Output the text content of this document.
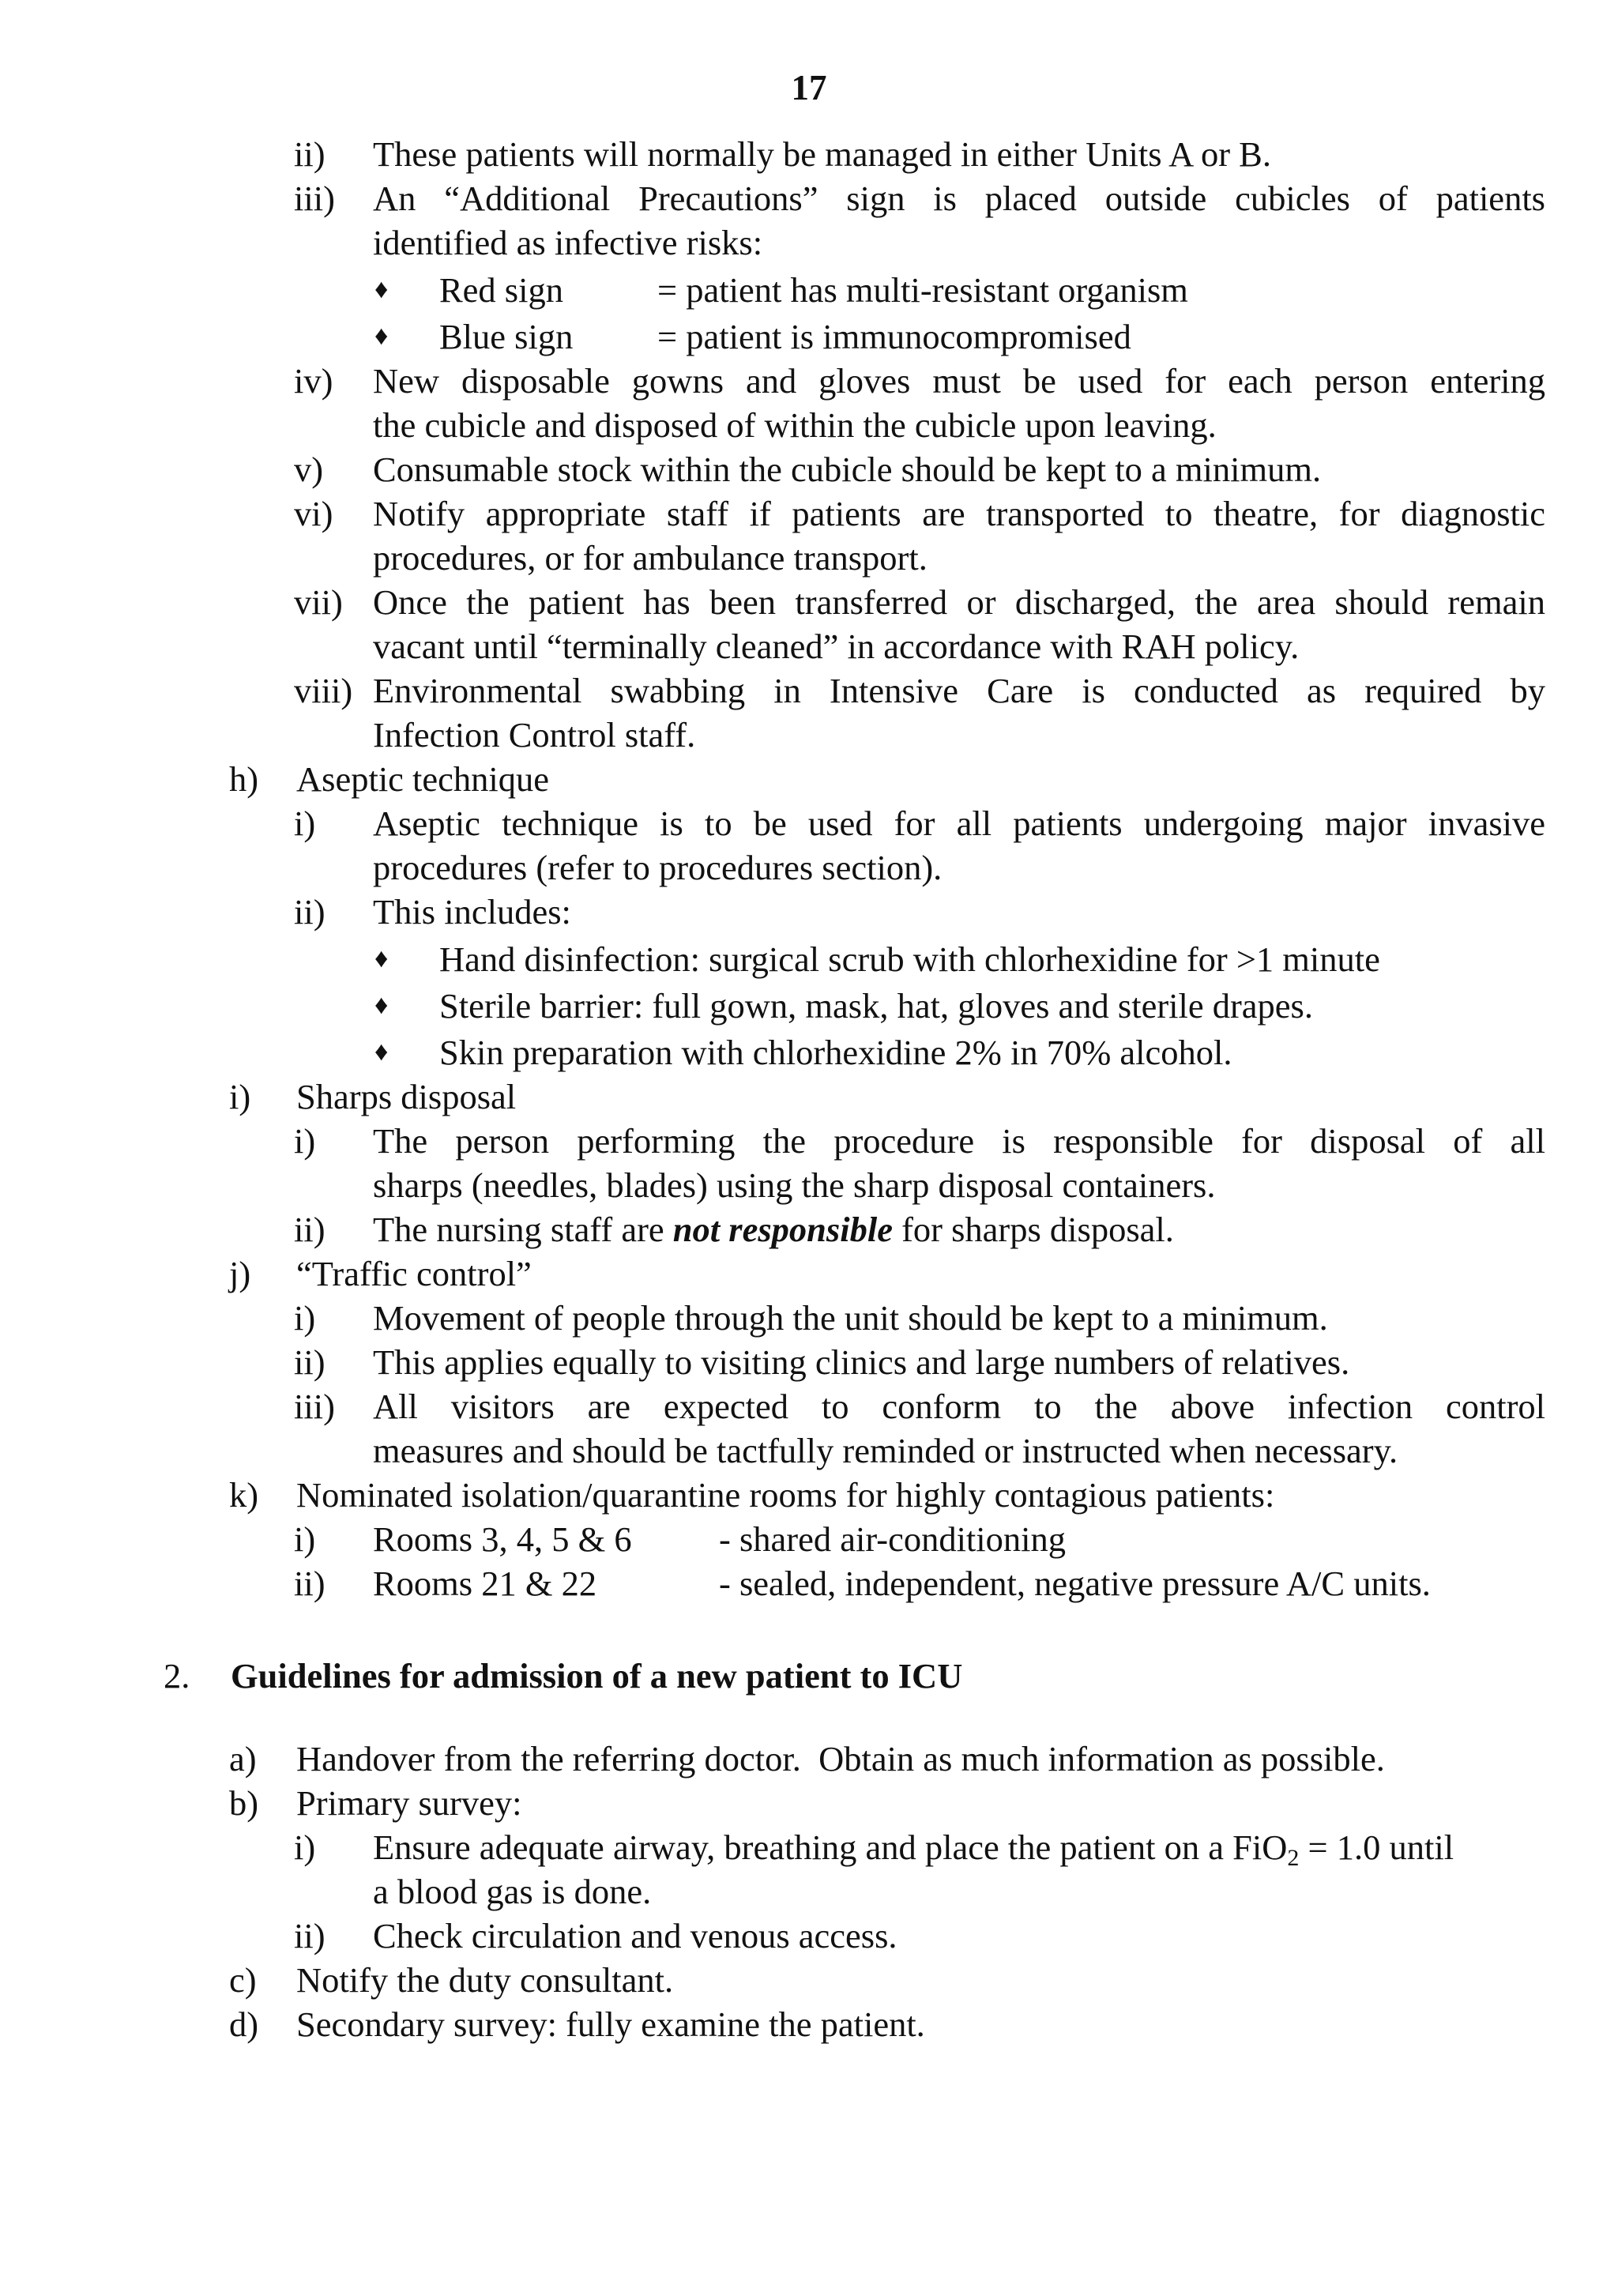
17
ii) These patients will normally be managed in either Units A or B.
iii) An “Additional Precautions” sign is placed outside cubicles of patients
identified as infective risks:
♦ Red sign	= patient has multi-resistant organism
♦ Blue sign = patient is immunocompromised
iv) New disposable gowns and gloves must be used for each person entering
the cubicle and disposed of within the cubicle upon leaving.
v) Consumable stock within the cubicle should be kept to a minimum.
vi) Notify appropriate staff if patients are transported to theatre, for diagnostic
procedures, or for ambulance transport.
vii) Once the patient has been transferred or discharged, the area should remain
vacant until “terminally cleaned” in accordance with RAH policy.
viii) Environmental swabbing in Intensive Care is conducted as required by
Infection Control staff.
h) Aseptic technique
i) Aseptic technique is to be used for all patients undergoing major invasive
procedures (refer to procedures section).
ii) This includes:
♦ Hand disinfection: surgical scrub with chlorhexidine for >1 minute
♦ Sterile barrier: full gown, mask, hat, gloves and sterile drapes.
♦ Skin preparation with chlorhexidine 2% in 70% alcohol.
i) Sharps disposal
i) The person performing the procedure is responsible for disposal of all
sharps (needles, blades) using the sharp disposal containers.
ii) The nursing staff are not responsible for sharps disposal.
j) “Traffic control”
i) Movement of people through the unit should be kept to a minimum.
ii) This applies equally to visiting clinics and large numbers of relatives.
iii) All visitors are expected to conform to the above infection control
measures and should be tactfully reminded or instructed when necessary.
k) Nominated isolation/quarantine rooms for highly contagious patients:
i) Rooms 3, 4, 5 & 6 - shared air-conditioning
ii) Rooms 21 & 22	- sealed, independent, negative pressure A/C units.
2. Guidelines for admission of a new patient to ICU
a) Handover from the referring doctor.  Obtain as much information as possible.
b) Primary survey:
i) Ensure adequate airway, breathing and place the patient on a FiO$_2$ = 1.0 until
a blood gas is done.
ii) Check circulation and venous access.
c) Notify the duty consultant.
d) Secondary survey: fully examine the patient.
